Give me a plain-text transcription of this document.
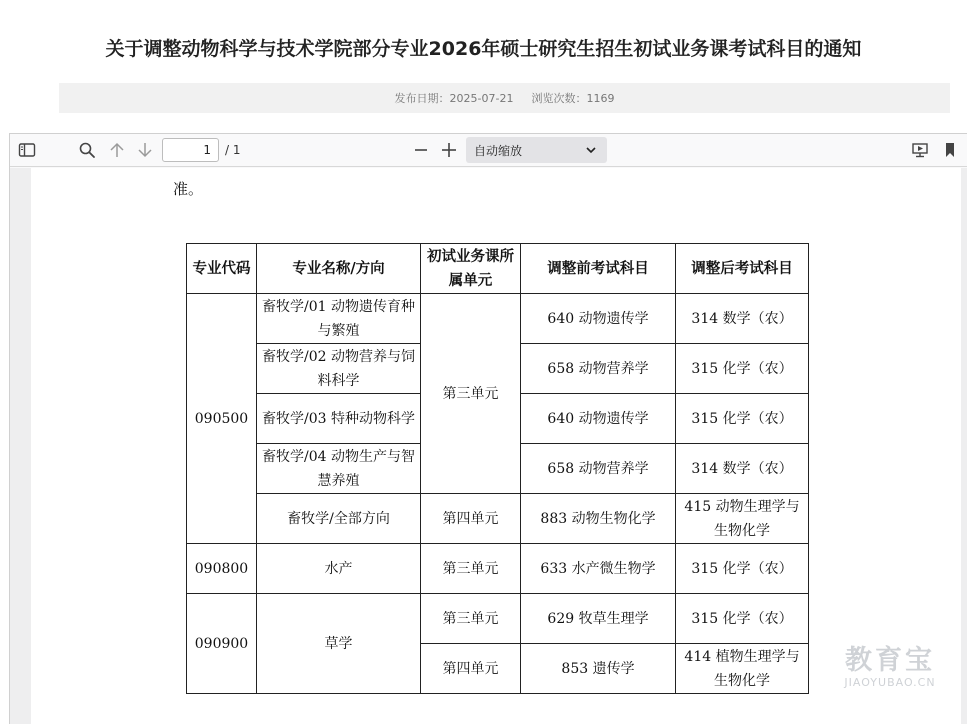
关于调整动物科学与技术学院部分专业2026年硕士研究生招生初试业务课考试科目的通知
发布日期：2025-07-21 浏览次数：1169
1
/ 1	自动缩放
准。
专业代码	专业名称/方向	初试业务课所属单元	调整前考试科目	调整后考试科目
090500	畜牧学/01 动物遗传育种与繁殖	第三单元	640 动物遗传学	314 数学（农）
	畜牧学/02 动物营养与饲料科学		658 动物营养学	315 化学（农）
	畜牧学/03 特种动物科学		640 动物遗传学	315 化学（农）
	畜牧学/04 动物生产与智慧养殖		658 动物营养学	314 数学（农）
	畜牧学/全部方向	第四单元	883 动物生物化学	415 动物生理学与生物化学
090800	水产	第三单元	633 水产微生物学	315 化学（农）
090900	草学	第三单元	629 牧草生理学	315 化学（农）
		第四单元	853 遗传学	414 植物生理学与生物化学
教育宝
JIAOYUBAO.CN
